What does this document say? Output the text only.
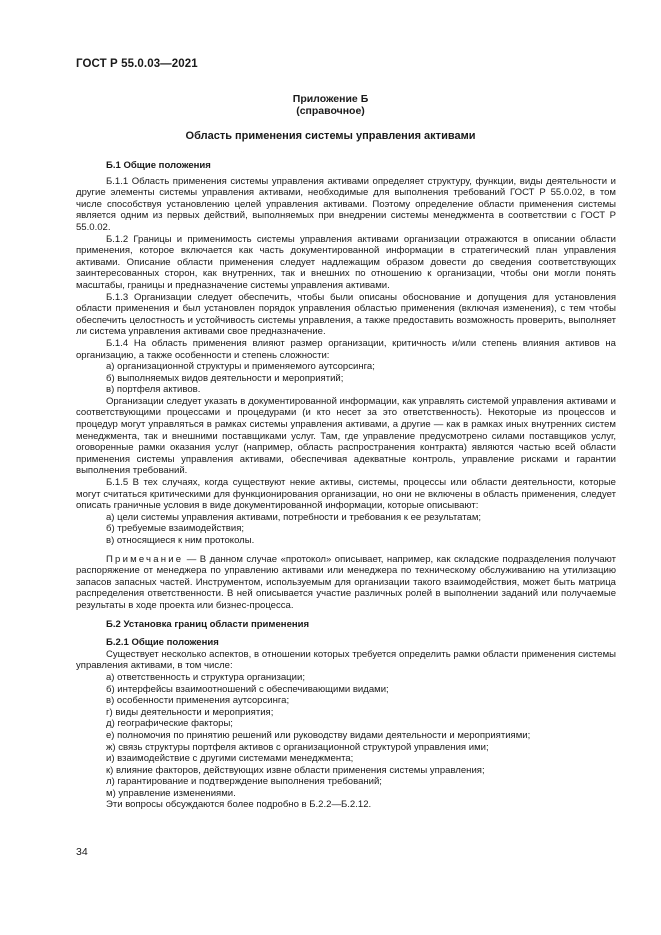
ГОСТ Р 55.0.03—2021
Приложение Б
(справочное)
Область применения системы управления активами

Б.1 Общие положения

Б.1.1 Область применения системы управления активами определяет структуру, функции, виды деятельности и другие элементы системы управления активами, необходимые для выполнения требований ГОСТ Р 55.0.02, в том числе способствуя установлению целей управления активами. Поэтому определение области применения системы является одним из первых действий, выполняемых при внедрении системы менеджмента в соответствии с ГОСТ Р 55.0.02.

Б.1.2 Границы и применимость системы управления активами организации отражаются в описании области применения, которое включается как часть документированной информации в стратегический план управления активами. Описание области применения следует надлежащим образом довести до сведения соответствующих заинтересованных сторон, как внутренних, так и внешних по отношению к организации, чтобы они могли понять масштабы, границы и предназначение системы управления активами.

Б.1.3 Организации следует обеспечить, чтобы были описаны обоснование и допущения для установления области применения и был установлен порядок управления областью применения (включая изменения), с тем чтобы обеспечить целостность и устойчивость системы управления, а также предоставить возможность проверить, выполняет ли система управления активами свое предназначение.

Б.1.4 На область применения влияют размер организации, критичность и/или степень влияния активов на организацию, а также особенности и степень сложности:

а) организационной структуры и применяемого аутсорсинга;

б) выполняемых видов деятельности и мероприятий;

в) портфеля активов.

Организации следует указать в документированной информации, как управлять системой управления активами и соответствующими процессами и процедурами (и кто несет за это ответственность). Некоторые из процессов и процедур могут управляться в рамках системы управления активами, а другие — как в рамках иных внутренних систем менеджмента, так и внешними поставщиками услуг. Там, где управление предусмотрено силами поставщиков услуг, оговоренные рамки оказания услуг (например, область распространения контракта) являются частью всей области применения системы управления активами, обеспечивая адекватные контроль, управление рисками и гарантии выполнения требований.

Б.1.5 В тех случаях, когда существуют некие активы, системы, процессы или области деятельности, которые могут считаться критическими для функционирования организации, но они не включены в область применения, следует описать граничные условия в виде документированной информации, которые описывают:

а) цели системы управления активами, потребности и требования к ее результатам;

б) требуемые взаимодействия;

в) относящиеся к ним протоколы.

Примечание — В данном случае «протокол» описывает, например, как складские подразделения получают распоряжение от менеджера по управлению активами или менеджера по техническому обслуживанию на утилизацию запасов запасных частей. Инструментом, используемым для организации такого взаимодействия, может быть матрица распределения ответственности. В ней описывается участие различных ролей в выполнении заданий или получаемые результаты в ходе проекта или бизнес-процесса.

Б.2 Установка границ области применения

Б.2.1 Общие положения

Существует несколько аспектов, в отношении которых требуется определить рамки области применения системы управления активами, в том числе:

а) ответственность и структура организации;

б) интерфейсы взаимоотношений с обеспечивающими видами;

в) особенности применения аутсорсинга;

г) виды деятельности и мероприятия;

д) географические факторы;

е) полномочия по принятию решений или руководству видами деятельности и мероприятиями;

ж) связь структуры портфеля активов с организационной структурой управления ими;

и) взаимодействие с другими системами менеджмента;

к) влияние факторов, действующих извне области применения системы управления;

л) гарантирование и подтверждение выполнения требований;

м) управление изменениями.

Эти вопросы обсуждаются более подробно в Б.2.2—Б.2.12.

34
